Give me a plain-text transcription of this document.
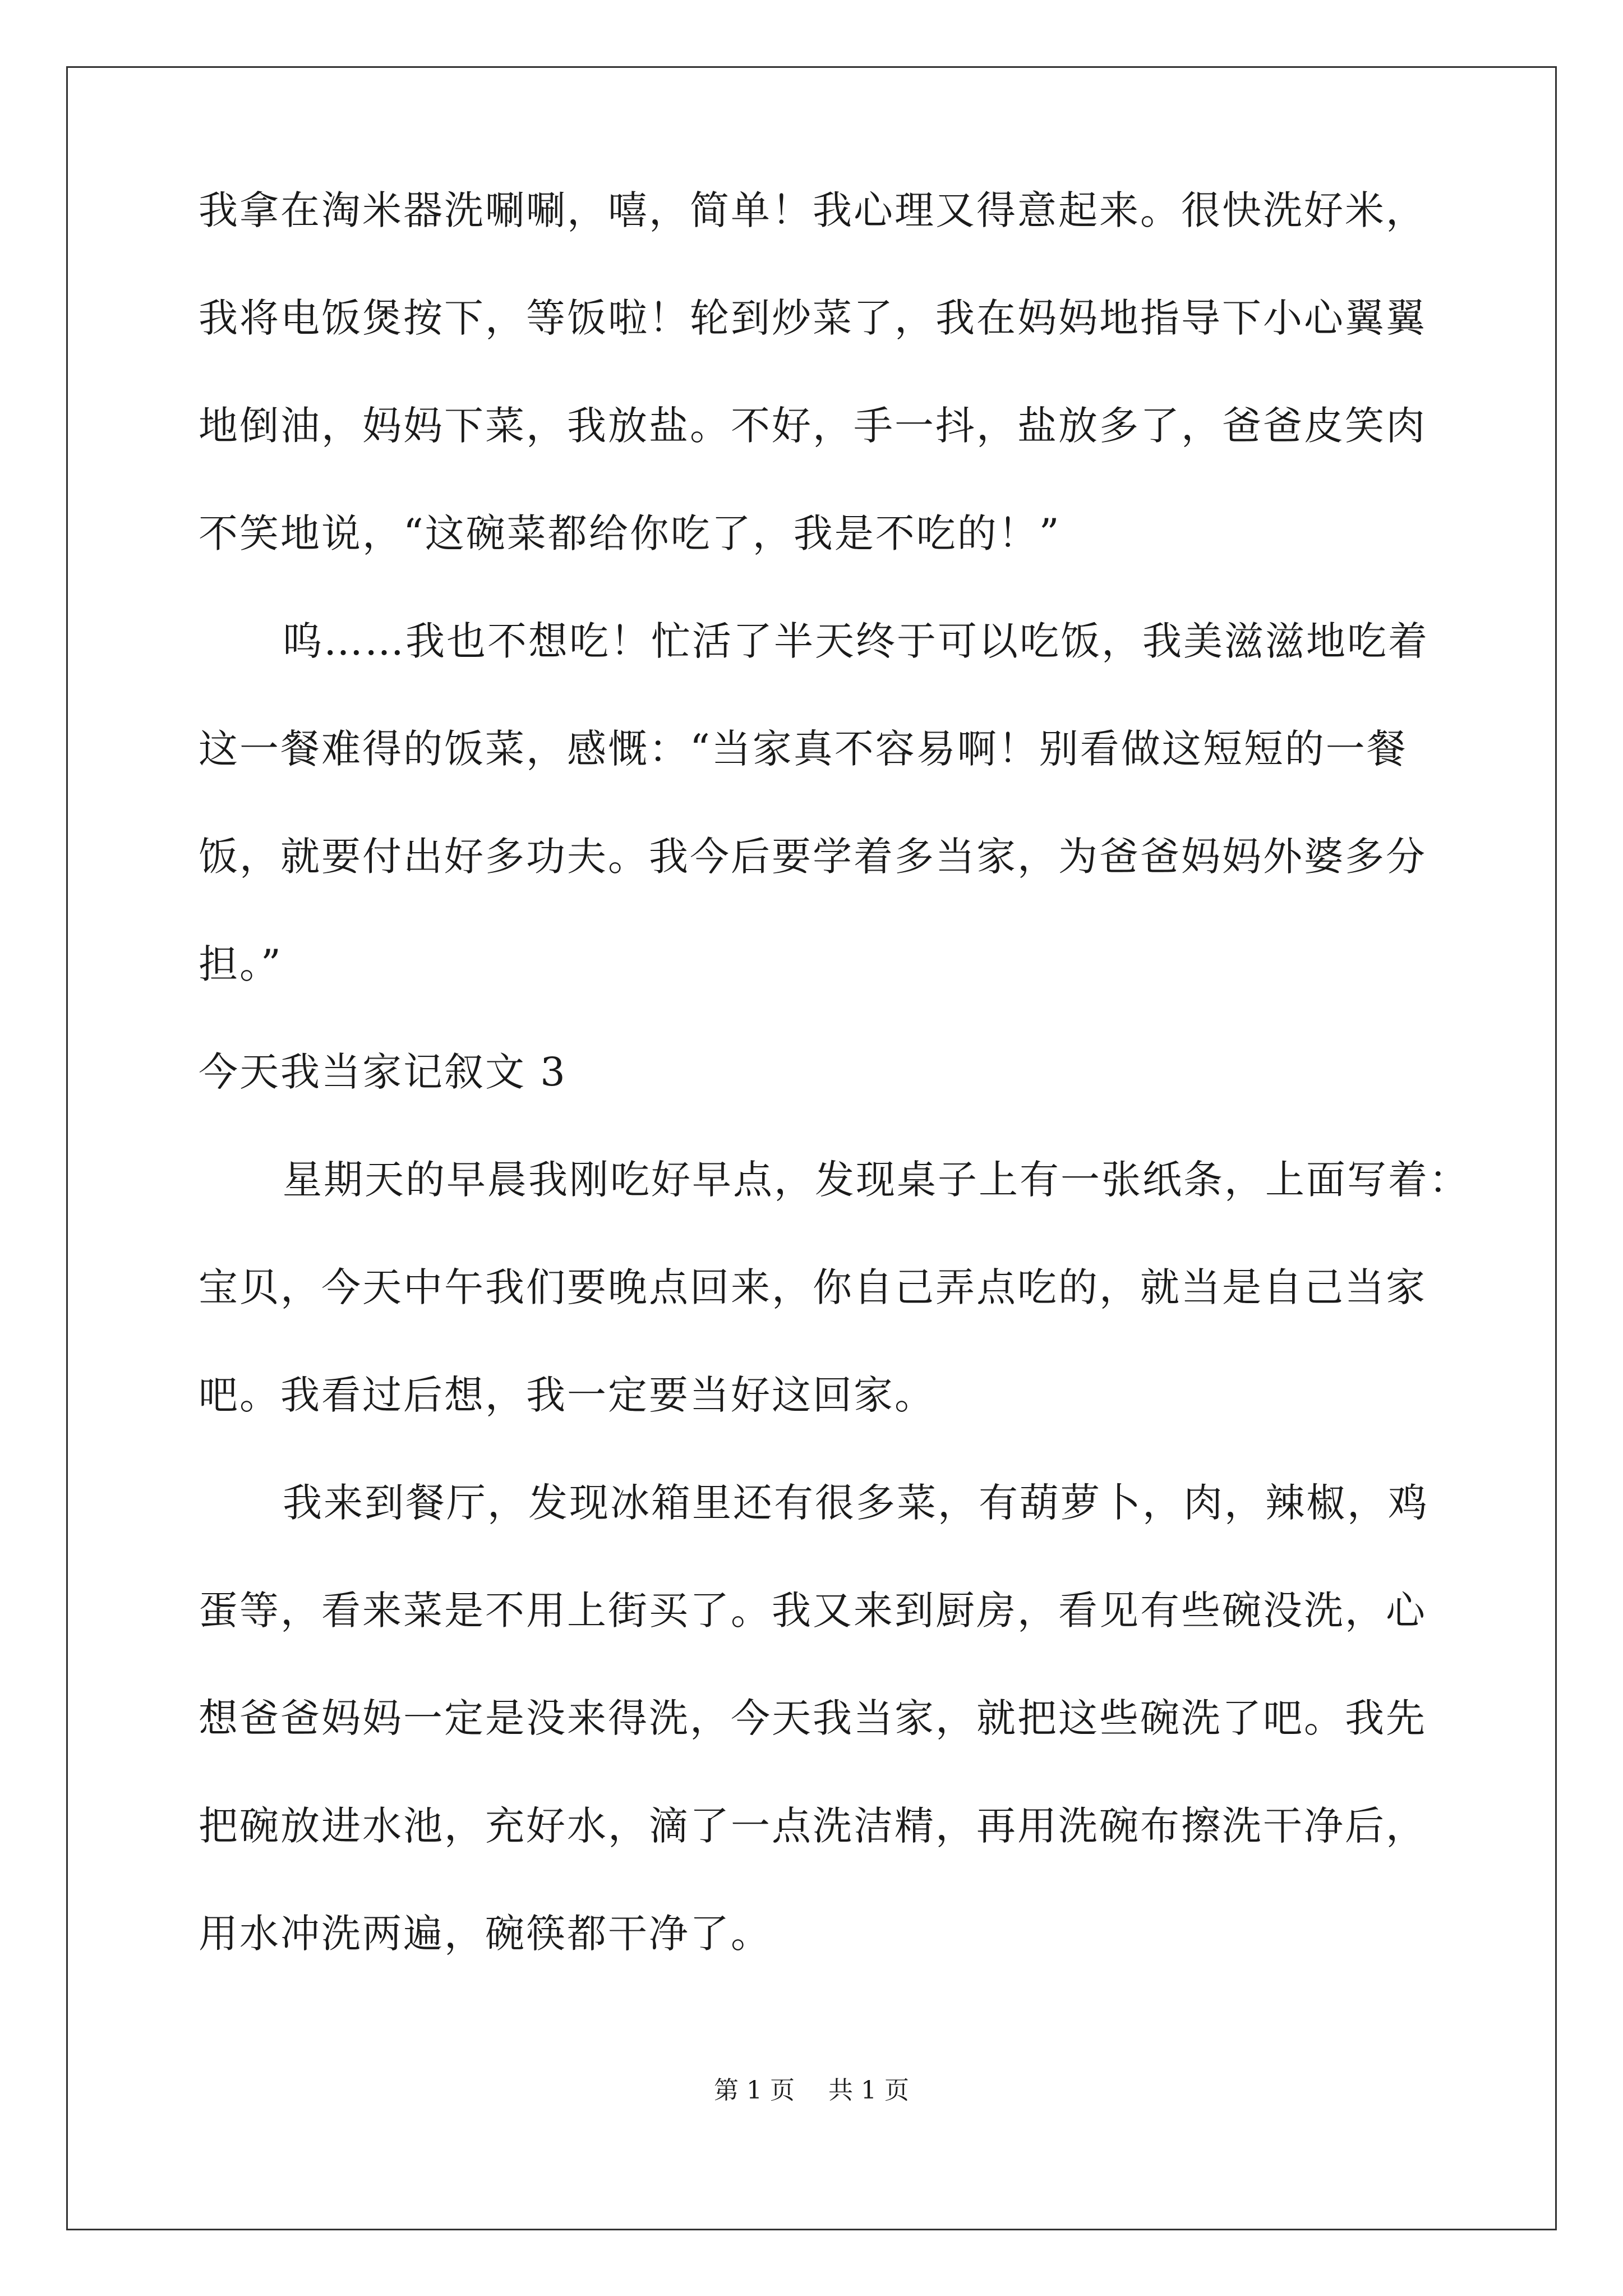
我拿在淘米器洗唰唰，嘻，简单！我心理又得意起来。很快洗好米，
我将电饭煲按下，等饭啦！轮到炒菜了，我在妈妈地指导下小心翼翼
地倒油，妈妈下菜，我放盐。不好，手一抖，盐放多了，爸爸皮笑肉
不笑地说，“这碗菜都给你吃了，我是不吃的！”
呜……我也不想吃！忙活了半天终于可以吃饭，我美滋滋地吃着
这一餐难得的饭菜，感慨：“当家真不容易啊！别看做这短短的一餐
饭，就要付出好多功夫。我今后要学着多当家，为爸爸妈妈外婆多分
担。”
今天我当家记叙文 3
星期天的早晨我刚吃好早点，发现桌子上有一张纸条，上面写着：
宝贝，今天中午我们要晚点回来，你自己弄点吃的，就当是自己当家
吧。我看过后想，我一定要当好这回家。
我来到餐厅，发现冰箱里还有很多菜，有葫萝卜，肉，辣椒，鸡
蛋等，看来菜是不用上街买了。我又来到厨房，看见有些碗没洗，心
想爸爸妈妈一定是没来得洗，今天我当家，就把这些碗洗了吧。我先
把碗放进水池，充好水，滴了一点洗洁精，再用洗碗布擦洗干净后，
用水冲洗两遍，碗筷都干净了。
第 1 页 共 1 页
